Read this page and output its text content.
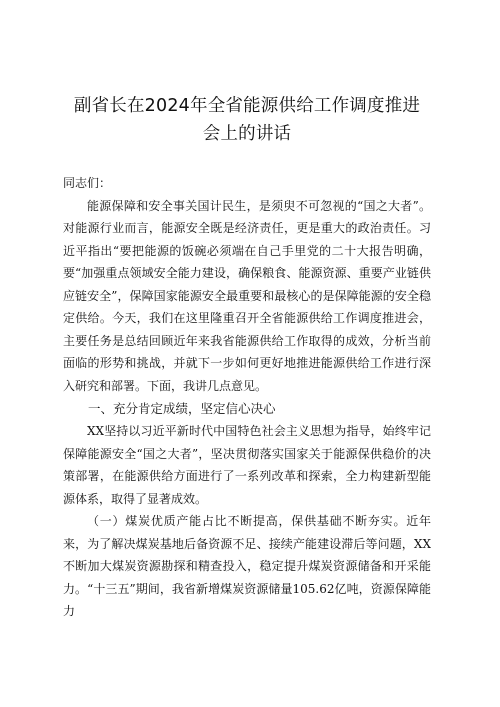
副省长在2024年全省能源供给工作调度推进
会上的讲话

同志们：

能源保障和安全事关国计民生，是须臾不可忽视的“国之大者”。对能源行业而言，能源安全既是经济责任，更是重大的政治责任。习近平指出“要把能源的饭碗必须端在自己手里党的二十大报告明确，要“加强重点领域安全能力建设，确保粮食、能源资源、重要产业链供应链安全”，保障国家能源安全最重要和最核心的是保障能源的安全稳定供给。今天，我们在这里隆重召开全省能源供给工作调度推进会，主要任务是总结回顾近年来我省能源供给工作取得的成效，分析当前面临的形势和挑战，并就下一步如何更好地推进能源供给工作进行深入研究和部署。下面，我讲几点意见。

一、充分肯定成绩，坚定信心决心

XX坚持以习近平新时代中国特色社会主义思想为指导，始终牢记保障能源安全“国之大者”，坚决贯彻落实国家关于能源保供稳价的决策部署，在能源供给方面进行了一系列改革和探索，全力构建新型能源体系，取得了显著成效。

（一）煤炭优质产能占比不断提高，保供基础不断夯实。近年来，为了解决煤炭基地后备资源不足、接续产能建设滞后等问题，XX不断加大煤炭资源勘探和精查投入，稳定提升煤炭资源储备和开采能力。“十三五”期间，我省新增煤炭资源储量105.62亿吨，资源保障能力
